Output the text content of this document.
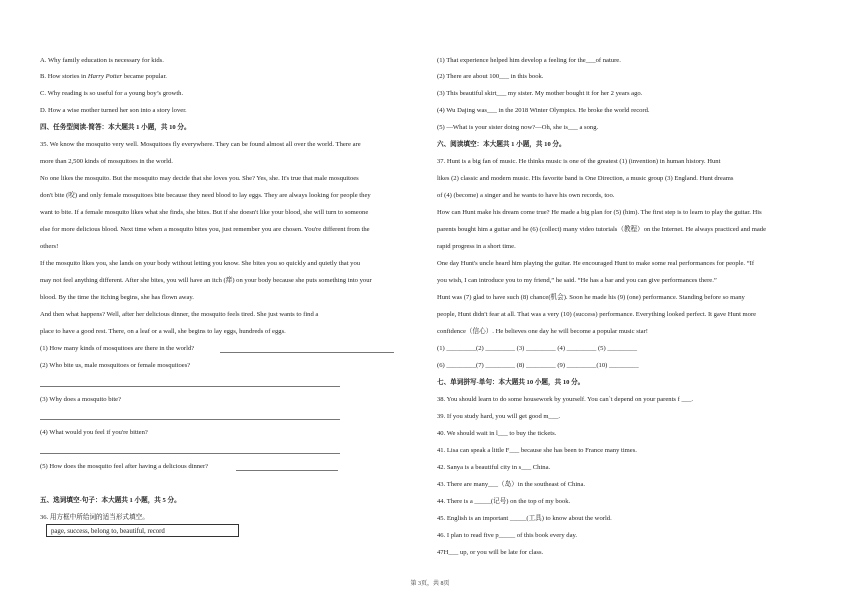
A. Why family education is necessary for kids.
B. How stories in Harry Potter became popular.
C. Why reading is so useful for a young boy’s growth.
D. How a wise mother turned her son into a story lover.
四、任务型阅读-简答：本大题共 1 小题，共 10 分。
35. We know the mosquito very well. Mosquitoes fly everywhere. They can be found almost all over the world. There are
more than 2,500 kinds of mosquitoes in the world.
No one likes the mosquito. But the mosquito may decide that she loves you. She? Yes, she. It's true that male mosquitoes
don't bite (咬) and only female mosquitoes bite because they need blood to lay eggs. They are always looking for people they
want to bite. If a female mosquito likes what she finds, she bites. But if she doesn't like your blood, she will turn to someone
else for more delicious blood. Next time when a mosquito bites you, just remember you are chosen. You're different from the
others!
If the mosquito likes you, she lands on your body without letting you know. She bites you so quickly and quietly that you
may not feel anything different. After she bites, you will have an itch (痒) on your body because she puts something into your
blood. By the time the itching begins, she has flown away.
And then what happens? Well, after her delicious dinner, the mosquito feels tired. She just wants to find a
place to have a good rest. There, on a leaf or a wall, she begins to lay eggs, hundreds of eggs.
(1) How many kinds of mosquitoes are there in the world?
(2) Who bite us, male mosquitoes or female mosquitoes?
(3) Why does a mosquito bite?
(4) What would you feel if you're bitten?
(5) How does the mosquito feel after having a delicious dinner?
五、选词填空-句子：本大题共 1 小题，共 5 分。
36. 用方框中所给词的适当形式填空。
page, success, belong to, beautiful, record
(1) That experience helped him develop a feeling for the___of nature.
(2) There are about 100___ in this book.
(3) This beautiful skirt___ my sister. My mother bought it for her 2 years ago.
(4) Wu Dajing was___ in the 2018 Winter Olympics. He broke the world record.
(5) —What is your sister doing now?—Oh, she is___ a song.
六、阅读填空：本大题共 1 小题，共 10 分。
37. Hunt is a big fan of music. He thinks music is one of the greatest (1) (invention) in human history. Hunt
likes (2) classic and modern music. His favorite band is One Direction, a music group (3) England. Hunt dreams
of (4) (become) a singer and he wants to have his own records, too.
How can Hunt make his dream come true? He made a big plan for (5) (him). The first step is to learn to play the guitar. His
parents bought him a guitar and he (6) (collect) many video tutorials（教程）on the Internet. He always practiced and made
rapid progress in a short time.
One day Hunt's uncle heard him playing the guitar. He encouraged Hunt to make some real performances for people. “If
you wish, I can introduce you to my friend,” he said. “He has a bar and you can give performances there.”
Hunt was (7) glad to have such (8) chance(机会). Soon he made his (9) (one) performance. Standing before so many
people, Hunt didn't fear at all. That was a very (10) (success) performance. Everything looked perfect. It gave Hunt more
confidence（信心）. He believes one day he will become a popular music star!
(1) _________(2) _________ (3) _________ (4) _________ (5) _________
(6) _________(7) _________ (8) _________ (9) _________(10) _________
七、单词拼写-单句：本大题共 10 小题，共 10 分。
38. You should learn to do some housework by yourself. You can`t depend on your parents f ___.
39. If you study hard, you will get good m___.
40. We should wait in l___ to buy the tickets.
41. Lisa can speak a little F___ because she has been to France many times.
42. Sanya is a beautiful city in s___ China.
43. There are many___（岛）in the southeast of China.
44. There is a _____(记号) on the top of my book.
45. English is an important _____(工具) to know about the world.
46. I plan to read five p_____ of this book every day.
47H___ up, or you will be late for class.
第 3页，共 8页
